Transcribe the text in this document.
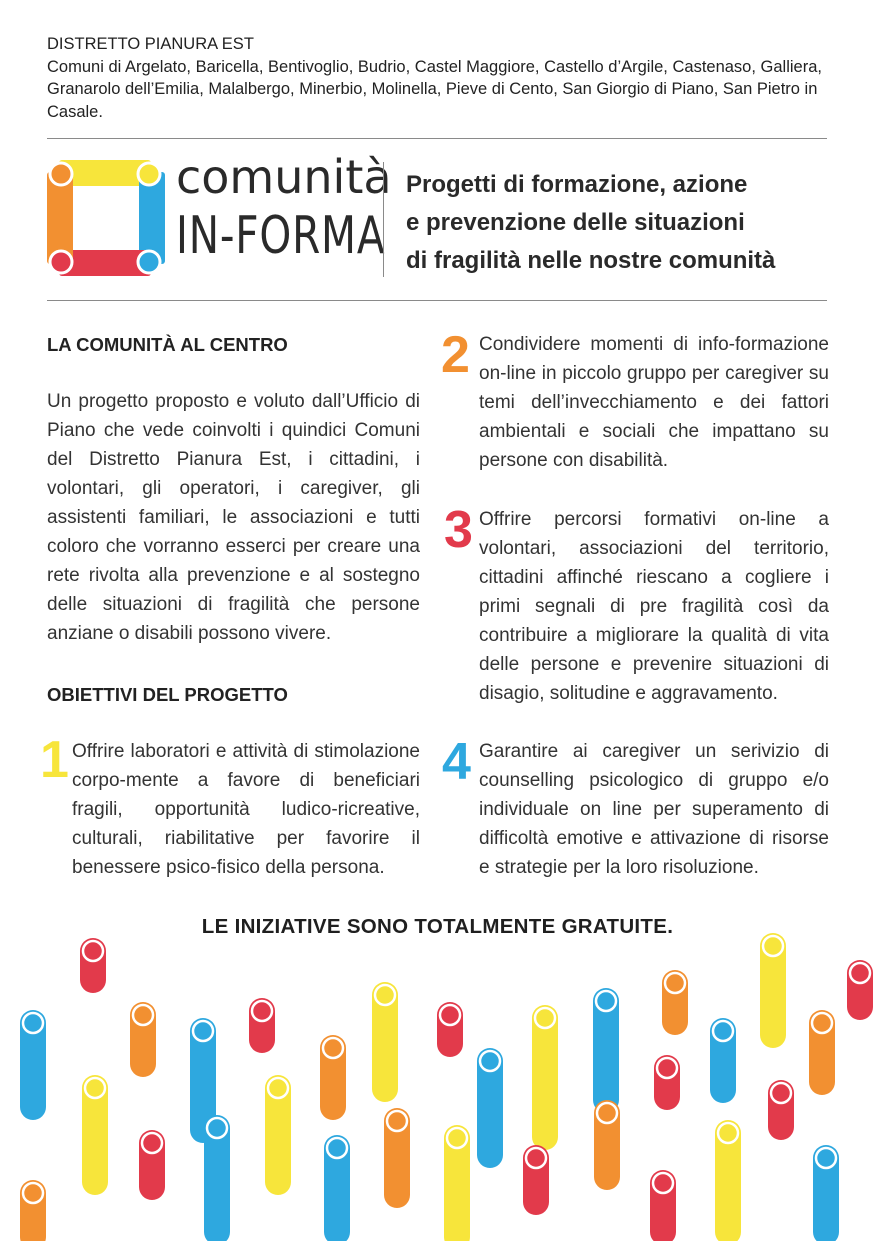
DISTRETTO PIANURA EST
Comuni di Argelato, Baricella, Bentivoglio, Budrio, Castel Maggiore, Castello d’Argile, Castenaso, Galliera, Granarolo dell’Emilia, Malalbergo, Minerbio, Molinella, Pieve di Cento, San Giorgio di Piano, San Pietro in Casale.
comunità
IN-FORMA
Progetti di formazione, azione
e prevenzione delle situazioni
di fragilità nelle nostre comunità
LA COMUNITÀ AL CENTRO
Un progetto proposto e voluto dall’Ufficio di Piano che vede coinvolti i quindici Comuni del Distretto Pianura Est, i cittadini, i volontari, gli operatori, i caregiver, gli assistenti familiari, le associazioni e tutti coloro che vorranno esserci per creare una rete rivolta alla prevenzione e al sostegno delle situazioni di fragilità che persone anziane o disabili possono vivere.
OBIETTIVI DEL PROGETTO
1 Offrire laboratori e attività di stimolazione corpo-mente a favore di beneficiari fragili, opportunità ludico-ricreative, culturali, riabilitative per favorire il benessere psico-fisico della persona.
2 Condividere momenti di info-formazione on-line in piccolo gruppo per caregiver su temi dell’invecchiamento e dei fattori ambientali e sociali che impattano su persone con disabilità.
3 Offrire percorsi formativi on-line a volontari, associazioni del territorio, cittadini affinché riescano a cogliere i primi segnali di pre fragilità così da contribuire a migliorare la qualità di vita delle persone e prevenire situazioni di disagio, solitudine e aggravamento.
4 Garantire ai caregiver un serivizio di counselling psicologico di gruppo e/o individuale on line per superamento di difficoltà emotive e attivazione di risorse e strategie per la loro risoluzione.
LE INIZIATIVE SONO TOTALMENTE GRATUITE.
